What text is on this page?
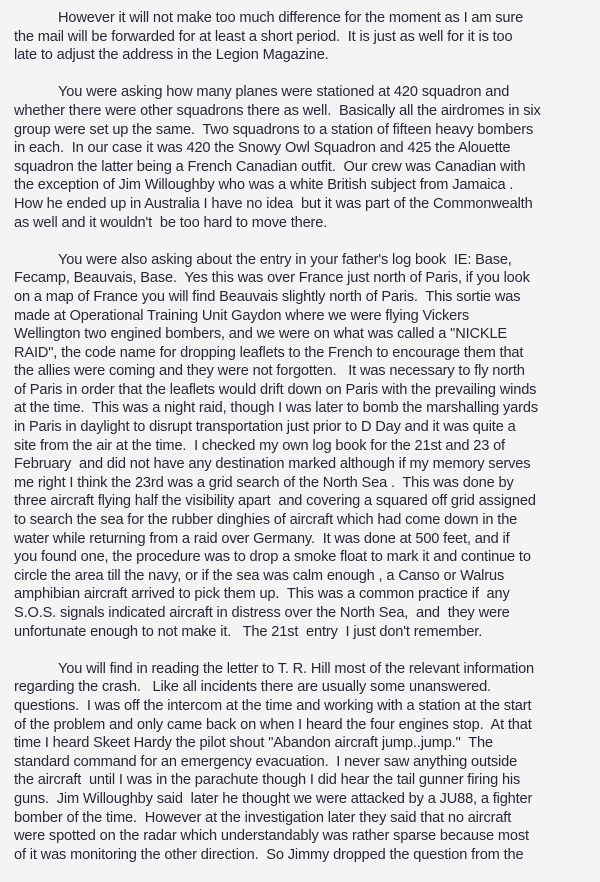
However it will not make too much difference for the moment as I am sure
the mail will be forwarded for at least a short period.  It is just as well for it is too
late to adjust the address in the Legion Magazine.
You were asking how many planes were stationed at 420 squadron and
whether there were other squadrons there as well.  Basically all the airdromes in six
group were set up the same.  Two squadrons to a station of fifteen heavy bombers
in each.  In our case it was 420 the Snowy Owl Squadron and 425 the Alouette
squadron the latter being a French Canadian outfit.  Our crew was Canadian with
the exception of Jim Willoughby who was a white British subject from Jamaica .
How he ended up in Australia I have no idea  but it was part of the Commonwealth
as well and it wouldn't  be too hard to move there.
You were also asking about the entry in your father's log book  IE: Base,
Fecamp, Beauvais, Base.  Yes this was over France just north of Paris, if you look
on a map of France you will find Beauvais slightly north of Paris.  This sortie was
made at Operational Training Unit Gaydon where we were flying Vickers
Wellington two engined bombers, and we were on what was called a "NICKLE
RAID", the code name for dropping leaflets to the French to encourage them that
the allies were coming and they were not forgotten.   It was necessary to fly north
of Paris in order that the leaflets would drift down on Paris with the prevailing winds
at the time.  This was a night raid, though I was later to bomb the marshalling yards
in Paris in daylight to disrupt transportation just prior to D Day and it was quite a
site from the air at the time.  I checked my own log book for the 21st and 23 of
February  and did not have any destination marked although if my memory serves
me right I think the 23rd was a grid search of the North Sea .  This was done by
three aircraft flying half the visibility apart  and covering a squared off grid assigned
to search the sea for the rubber dinghies of aircraft which had come down in the
water while returning from a raid over Germany.  It was done at 500 feet, and if
you found one, the procedure was to drop a smoke float to mark it and continue to
circle the area till the navy, or if the sea was calm enough , a Canso or Walrus
amphibian aircraft arrived to pick them up.  This was a common practice if  any
S.O.S. signals indicated aircraft in distress over the North Sea,  and  they were
unfortunate enough to not make it.   The 21st  entry  I just don't remember.
You will find in reading the letter to T. R. Hill most of the relevant information
regarding the crash.   Like all incidents there are usually some unanswered.
questions.  I was off the intercom at the time and working with a station at the start
of the problem and only came back on when I heard the four engines stop.  At that
time I heard Skeet Hardy the pilot shout "Abandon aircraft jump..jump."  The
standard command for an emergency evacuation.  I never saw anything outside
the aircraft  until I was in the parachute though I did hear the tail gunner firing his
guns.  Jim Willoughby said  later he thought we were attacked by a JU88, a fighter
bomber of the time.  However at the investigation later they said that no aircraft
were spotted on the radar which understandably was rather sparse because most
of it was monitoring the other direction.  So Jimmy dropped the question from the
